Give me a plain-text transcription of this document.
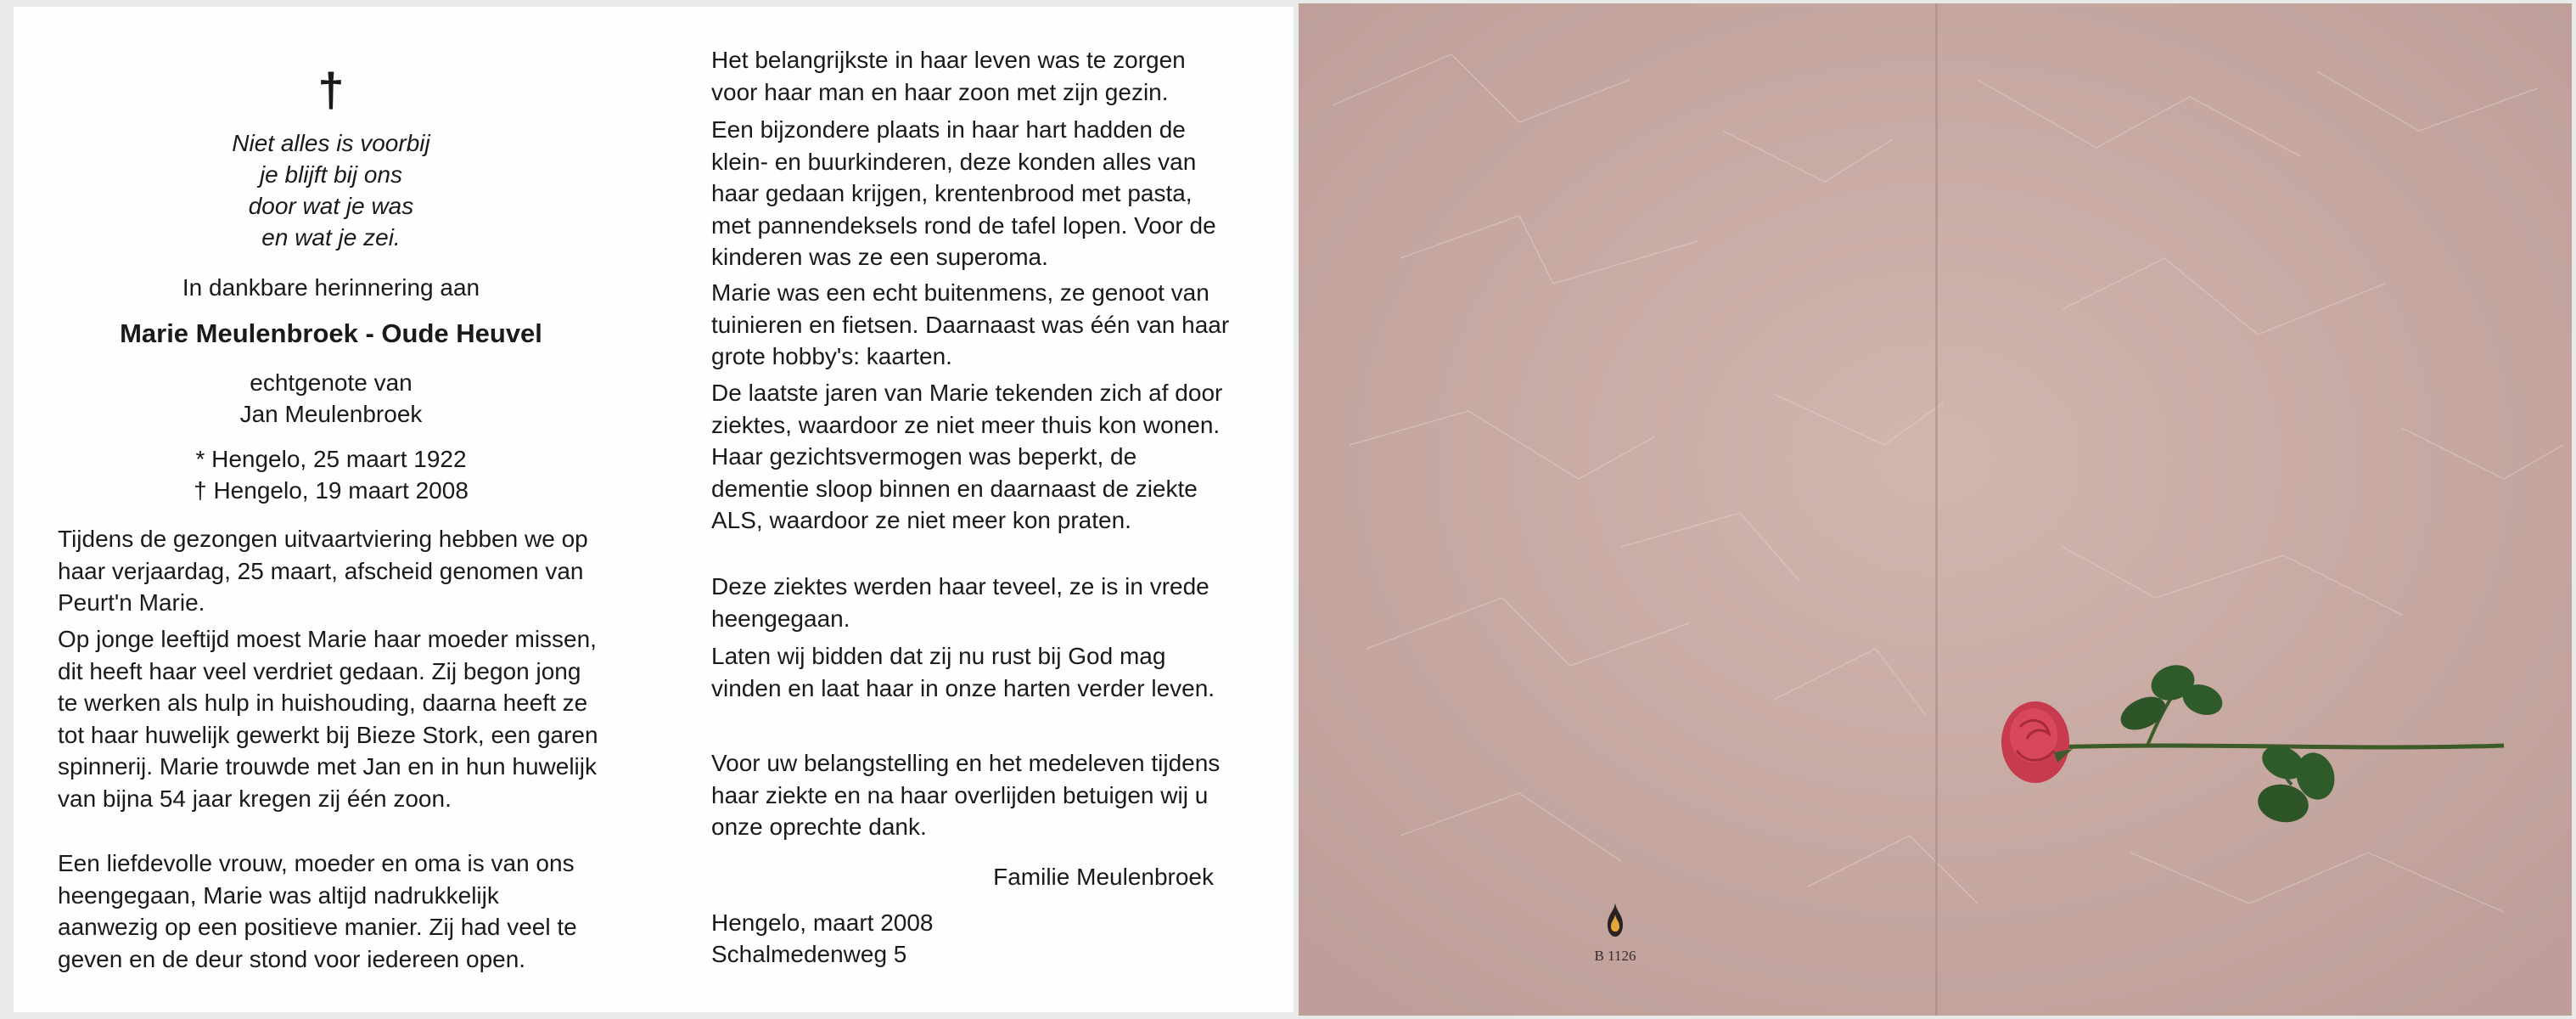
†
Niet alles is voorbij
je blijft bij ons
door wat je was
en wat je zei.
In dankbare herinnering aan
Marie Meulenbroek - Oude Heuvel
echtgenote van
Jan Meulenbroek
* Hengelo, 25 maart 1922
† Hengelo, 19 maart 2008

Tijdens de gezongen uitvaartviering hebben we op haar verjaardag, 25 maart, afscheid genomen van Peurt'n Marie.

Op jonge leeftijd moest Marie haar moeder missen, dit heeft haar veel verdriet gedaan. Zij begon jong te werken als hulp in huishouding, daarna heeft ze tot haar huwelijk gewerkt bij Bieze Stork, een garen spinnerij. Marie trouwde met Jan en in hun huwelijk van bijna 54 jaar kregen zij één zoon.

Een liefdevolle vrouw, moeder en oma is van ons heengegaan, Marie was altijd nadrukkelijk aanwezig op een positieve manier. Zij had veel te geven en de deur stond voor iedereen open.

Het belangrijkste in haar leven was te zorgen voor haar man en haar zoon met zijn gezin.

Een bijzondere plaats in haar hart hadden de klein- en buurkinderen, deze konden alles van haar gedaan krijgen, krentenbrood met pasta, met pannendeksels rond de tafel lopen. Voor de kinderen was ze een superoma.

Marie was een echt buitenmens, ze genoot van tuinieren en fietsen. Daarnaast was één van haar grote hobby's: kaarten.

De laatste jaren van Marie tekenden zich af door ziektes, waardoor ze niet meer thuis kon wonen. Haar gezichtsvermogen was beperkt, de dementie sloop binnen en daarnaast de ziekte ALS, waardoor ze niet meer kon praten.

Deze ziektes werden haar teveel, ze is in vrede heengegaan.

Laten wij bidden dat zij nu rust bij God mag vinden en laat haar in onze harten verder leven.

Voor uw belangstelling en het medeleven tijdens haar ziekte en na haar overlijden betuigen wij u onze oprechte dank.

Familie Meulenbroek
Hengelo, maart 2008
Schalmedenweg 5	B 1126
